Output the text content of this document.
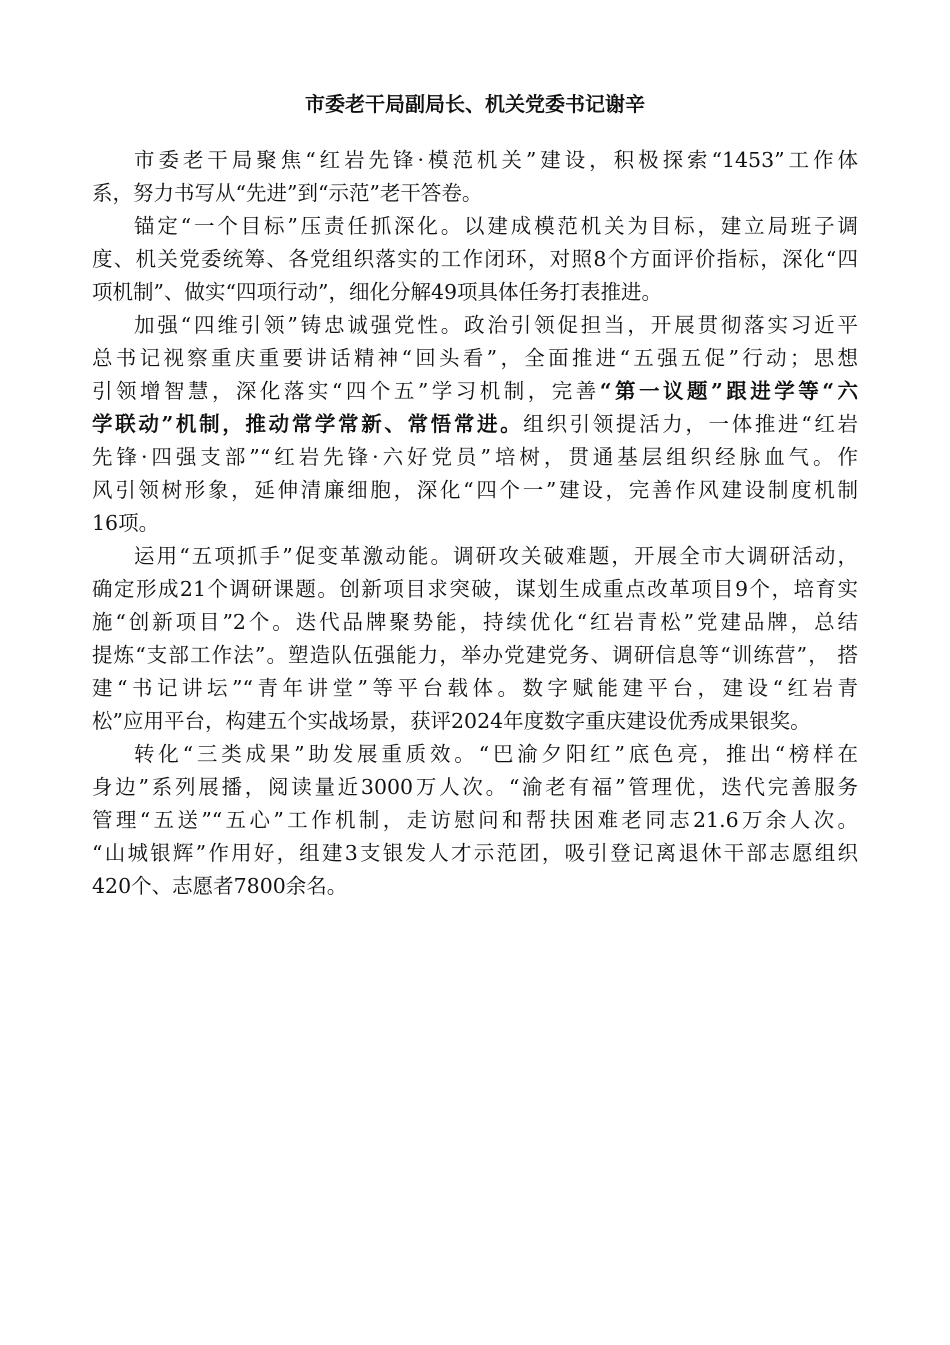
市委老干局副局长、机关党委书记谢辛
市委老干局聚焦“红岩先锋·模范机关”建设，积极探索“1453”工作体
系，努力书写从“先进”到“示范”老干答卷。
锚定“一个目标”压责任抓深化。以建成模范机关为目标，建立局班子调
度、机关党委统筹、各党组织落实的工作闭环，对照8个方面评价指标，深化“四
项机制”、做实“四项行动”，细化分解49项具体任务打表推进。
加强“四维引领”铸忠诚强党性。政治引领促担当，开展贯彻落实习近平
总书记视察重庆重要讲话精神“回头看”，全面推进“五强五促”行动；思想
引领增智慧，深化落实“四个五”学习机制，完善“第一议题”跟进学等“六
学联动”机制，推动常学常新、常悟常进。组织引领提活力，一体推进“红岩
先锋·四强支部”“红岩先锋·六好党员”培树，贯通基层组织经脉血气。作
风引领树形象，延伸清廉细胞，深化“四个一”建设，完善作风建设制度机制
16项。
运用“五项抓手”促变革激动能。调研攻关破难题，开展全市大调研活动，
确定形成21个调研课题。创新项目求突破，谋划生成重点改革项目9个，培育实
施“创新项目”2个。迭代品牌聚势能，持续优化“红岩青松”党建品牌，总结
提炼“支部工作法”。塑造队伍强能力，举办党建党务、调研信息等“训练营”， 搭
建“书记讲坛”“青年讲堂”等平台载体。数字赋能建平台，建设“红岩青
松”应用平台，构建五个实战场景，获评2024年度数字重庆建设优秀成果银奖。
转化“三类成果”助发展重质效。“巴渝夕阳红”底色亮，推出“榜样在
身边”系列展播，阅读量近3000万人次。“渝老有福”管理优，迭代完善服务
管理“五送”“五心”工作机制，走访慰问和帮扶困难老同志21.6万余人次。
“山城银辉”作用好，组建3支银发人才示范团，吸引登记离退休干部志愿组织
420个、志愿者7800余名。
